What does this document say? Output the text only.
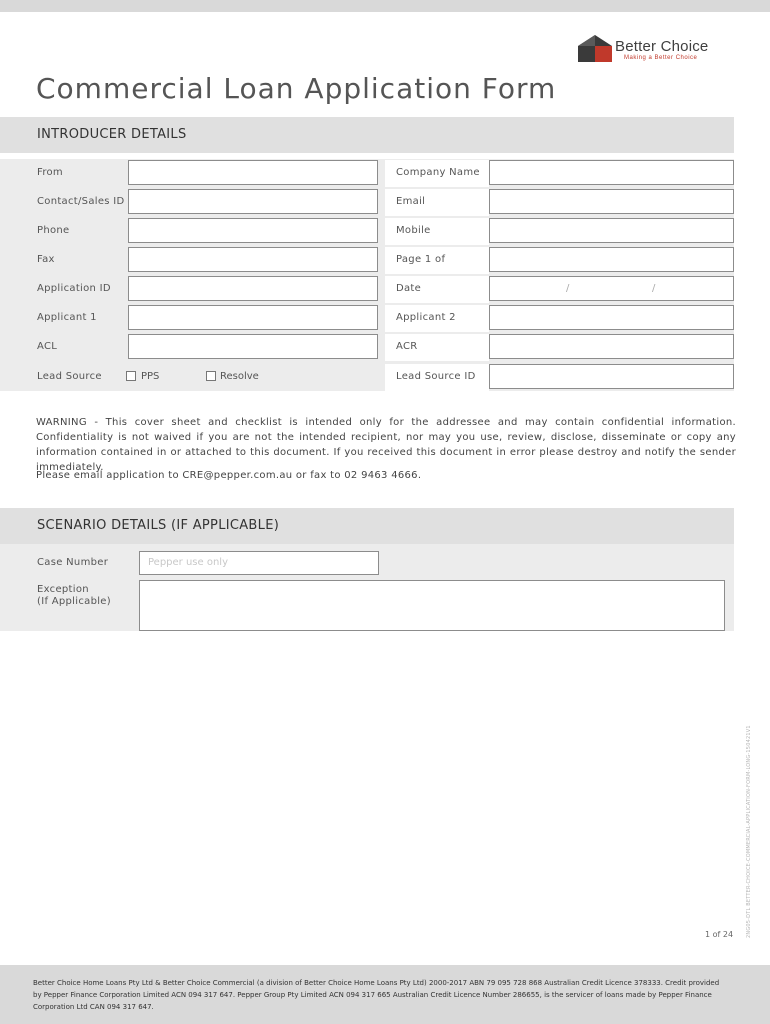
Better Choice
Making a Better Choice
Commercial Loan Application Form
INTRODUCER DETAILS
From	Company Name
Contact/Sales ID	Email
Phone	Mobile
Fax	Page 1 of
Application ID	Date	/	/
Applicant 1	Applicant 2
ACL	ACR
Lead Source	PPS	Resolve	Lead Source ID

WARNING - This cover sheet and checklist is intended only for the addressee and may contain confidential information. Confidentiality is not waived if you are not the intended recipient, nor may you use, review, disclose, disseminate or copy any information contained in or attached to this document. If you received this document in error please destroy and notify the sender immediately.

Please email application to CRE@pepper.com.au or fax to 02 9463 4666.

SCENARIO DETAILS (IF APPLICABLE)
Case Number	Pepper use only
Exception
(If Applicable)
2NG05-DTL BETTER-CHOICE-COMMERCIAL-APPLICATION-FORM-LONG-150421V1
1 of 24

Better Choice Home Loans Pty Ltd & Better Choice Commercial (a division of Better Choice Home Loans Pty Ltd) 2000-2017 ABN 79 095 728 868 Australian Credit Licence 378333. Credit provided by Pepper Finance Corporation Limited ACN 094 317 647. Pepper Group Pty Limited ACN 094 317 665 Australian Credit Licence Number 286655, is the servicer of loans made by Pepper Finance Corporation Ltd CAN 094 317 647.
